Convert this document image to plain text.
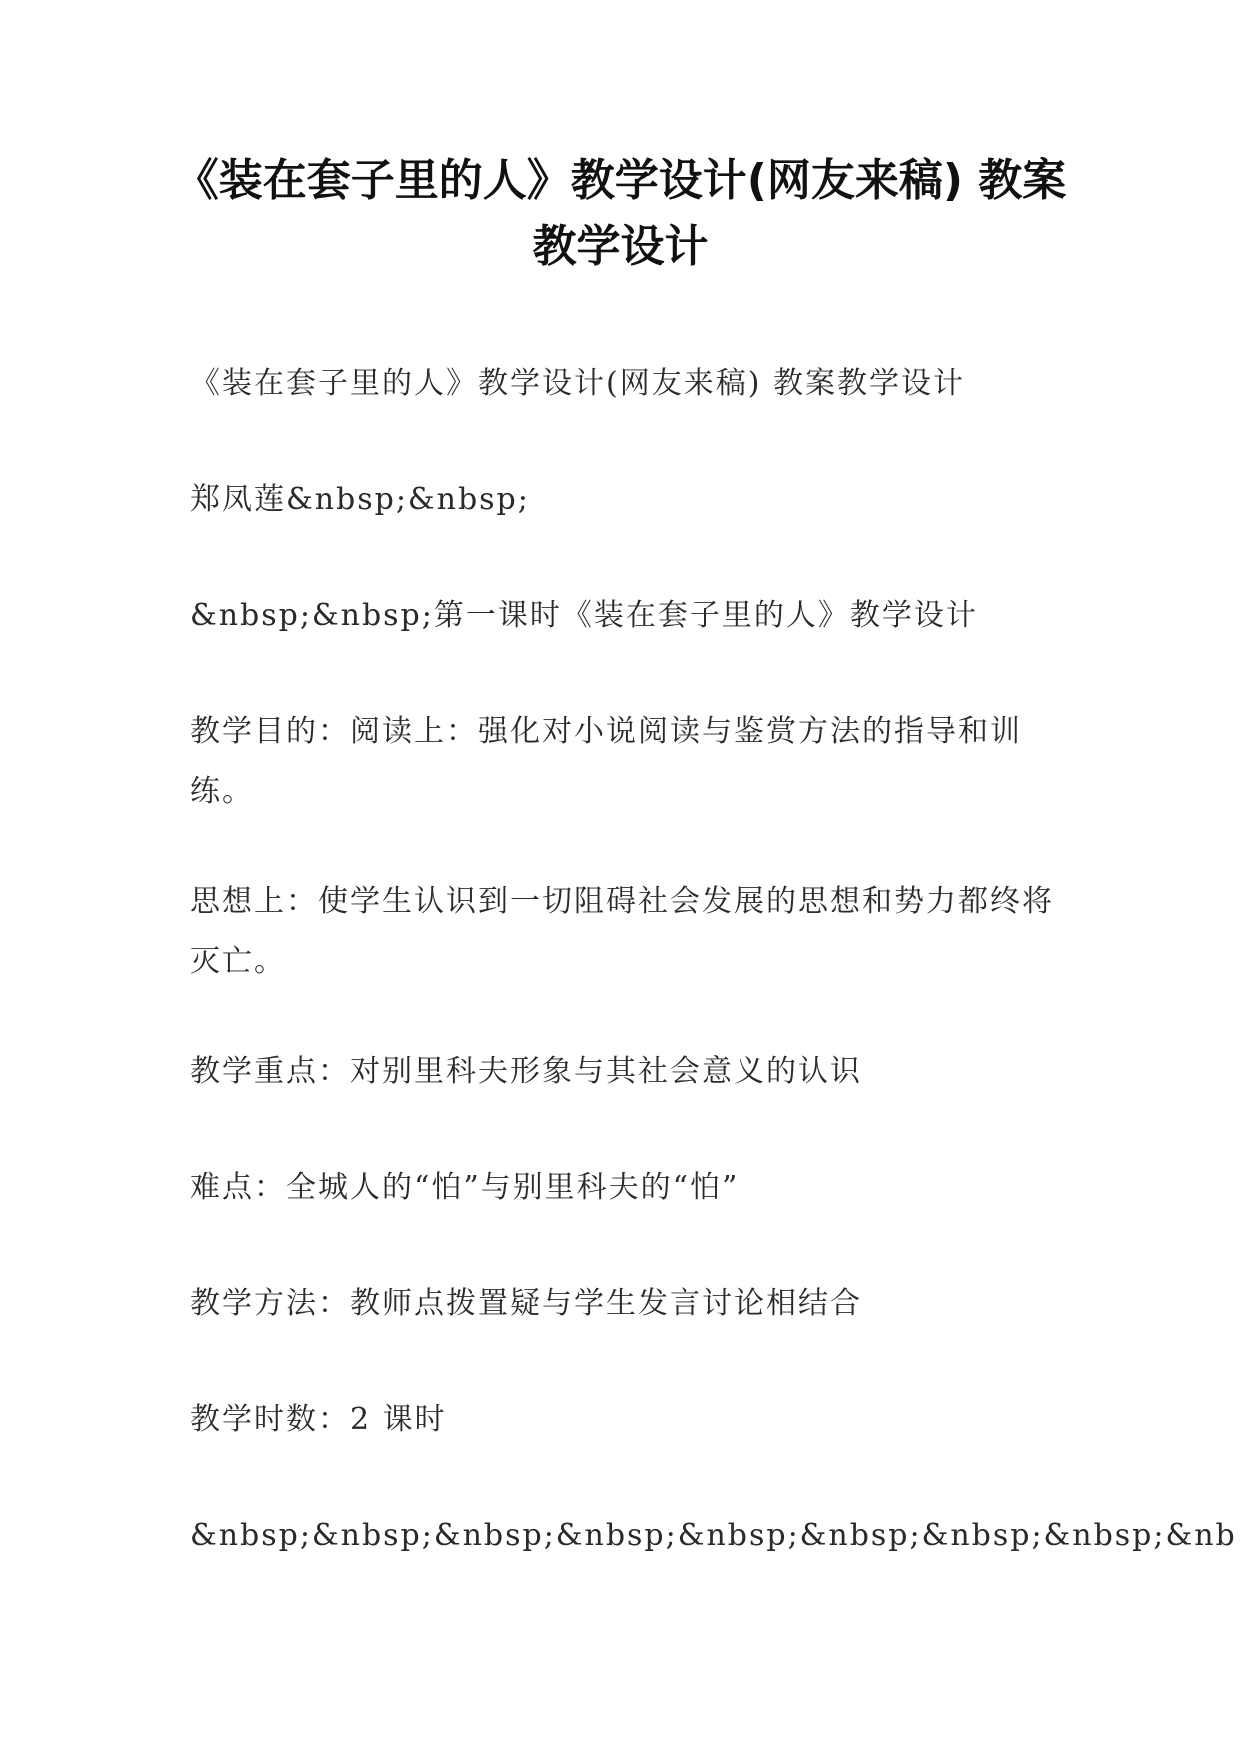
《装在套子里的人》教学设计(网友来稿) 教案教学设计

《装在套子里的人》教学设计(网友来稿) 教案教学设计

郑凤莲&nbsp;&nbsp;

&nbsp;&nbsp;第一课时《装在套子里的人》教学设计

教学目的：阅读上：强化对小说阅读与鉴赏方法的指导和训练。

思想上：使学生认识到一切阻碍社会发展的思想和势力都终将灭亡。

教学重点：对别里科夫形象与其社会意义的认识

难点：全城人的“怕”与别里科夫的“怕”

教学方法：教师点拨置疑与学生发言讨论相结合

教学时数：2 课时

&nbsp;&nbsp;&nbsp;&nbsp;&nbsp;&nbsp;&nbsp;&nbsp;&nb
